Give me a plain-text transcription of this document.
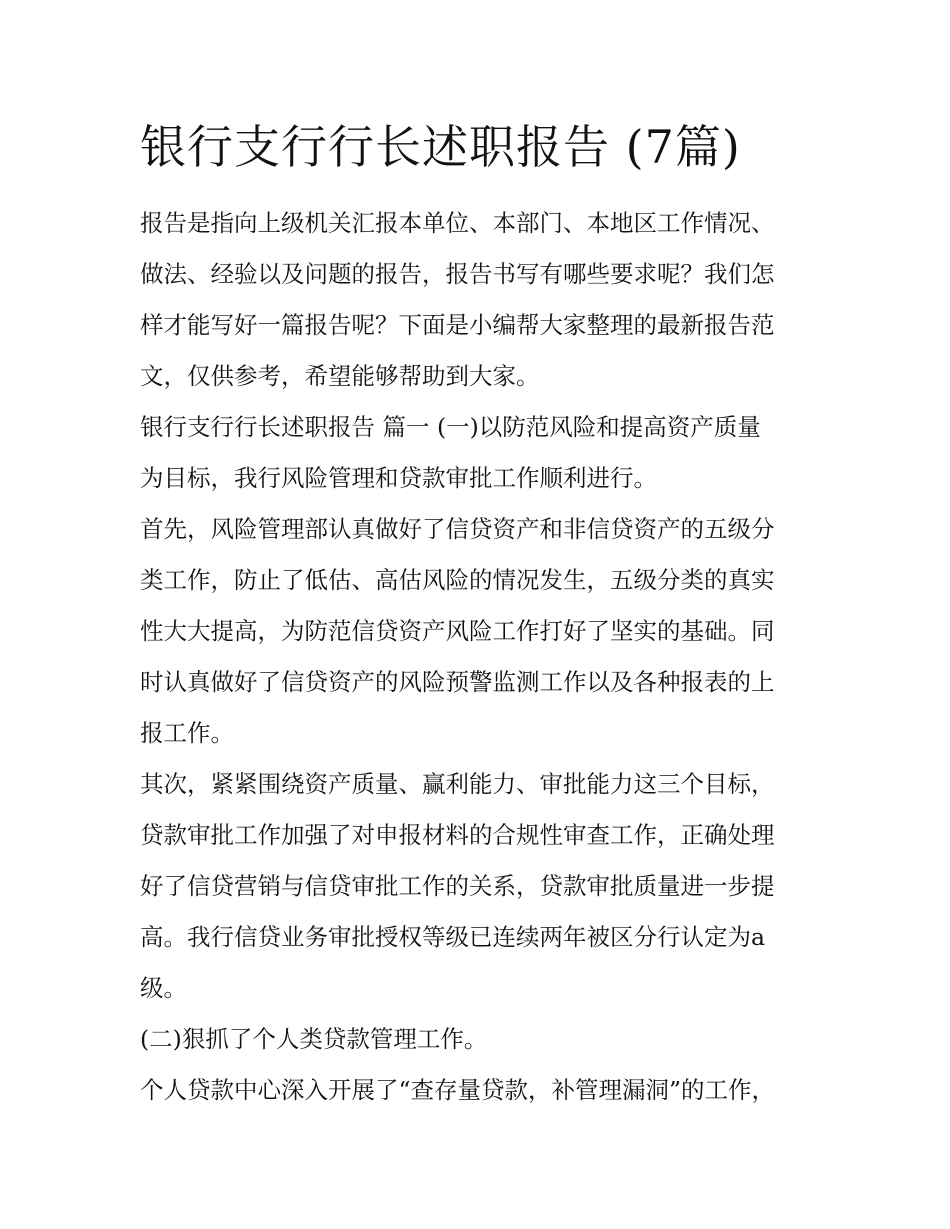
银行支行行长述职报告 (7篇)
报告是指向上级机关汇报本单位、本部门、本地区工作情况、
做法、经验以及问题的报告，报告书写有哪些要求呢？我们怎
样才能写好一篇报告呢？下面是小编帮大家整理的最新报告范
文，仅供参考，希望能够帮助到大家。
银行支行行长述职报告 篇一 (一)以防范风险和提高资产质量
为目标，我行风险管理和贷款审批工作顺利进行。
首先，风险管理部认真做好了信贷资产和非信贷资产的五级分
类工作，防止了低估、高估风险的情况发生，五级分类的真实
性大大提高，为防范信贷资产风险工作打好了坚实的基础。同
时认真做好了信贷资产的风险预警监测工作以及各种报表的上
报工作。
其次，紧紧围绕资产质量、赢利能力、审批能力这三个目标，
贷款审批工作加强了对申报材料的合规性审查工作，正确处理
好了信贷营销与信贷审批工作的关系，贷款审批质量进一步提
高。我行信贷业务审批授权等级已连续两年被区分行认定为a
级。
(二)狠抓了个人类贷款管理工作。
个人贷款中心深入开展了“查存量贷款，补管理漏洞”的工作，
